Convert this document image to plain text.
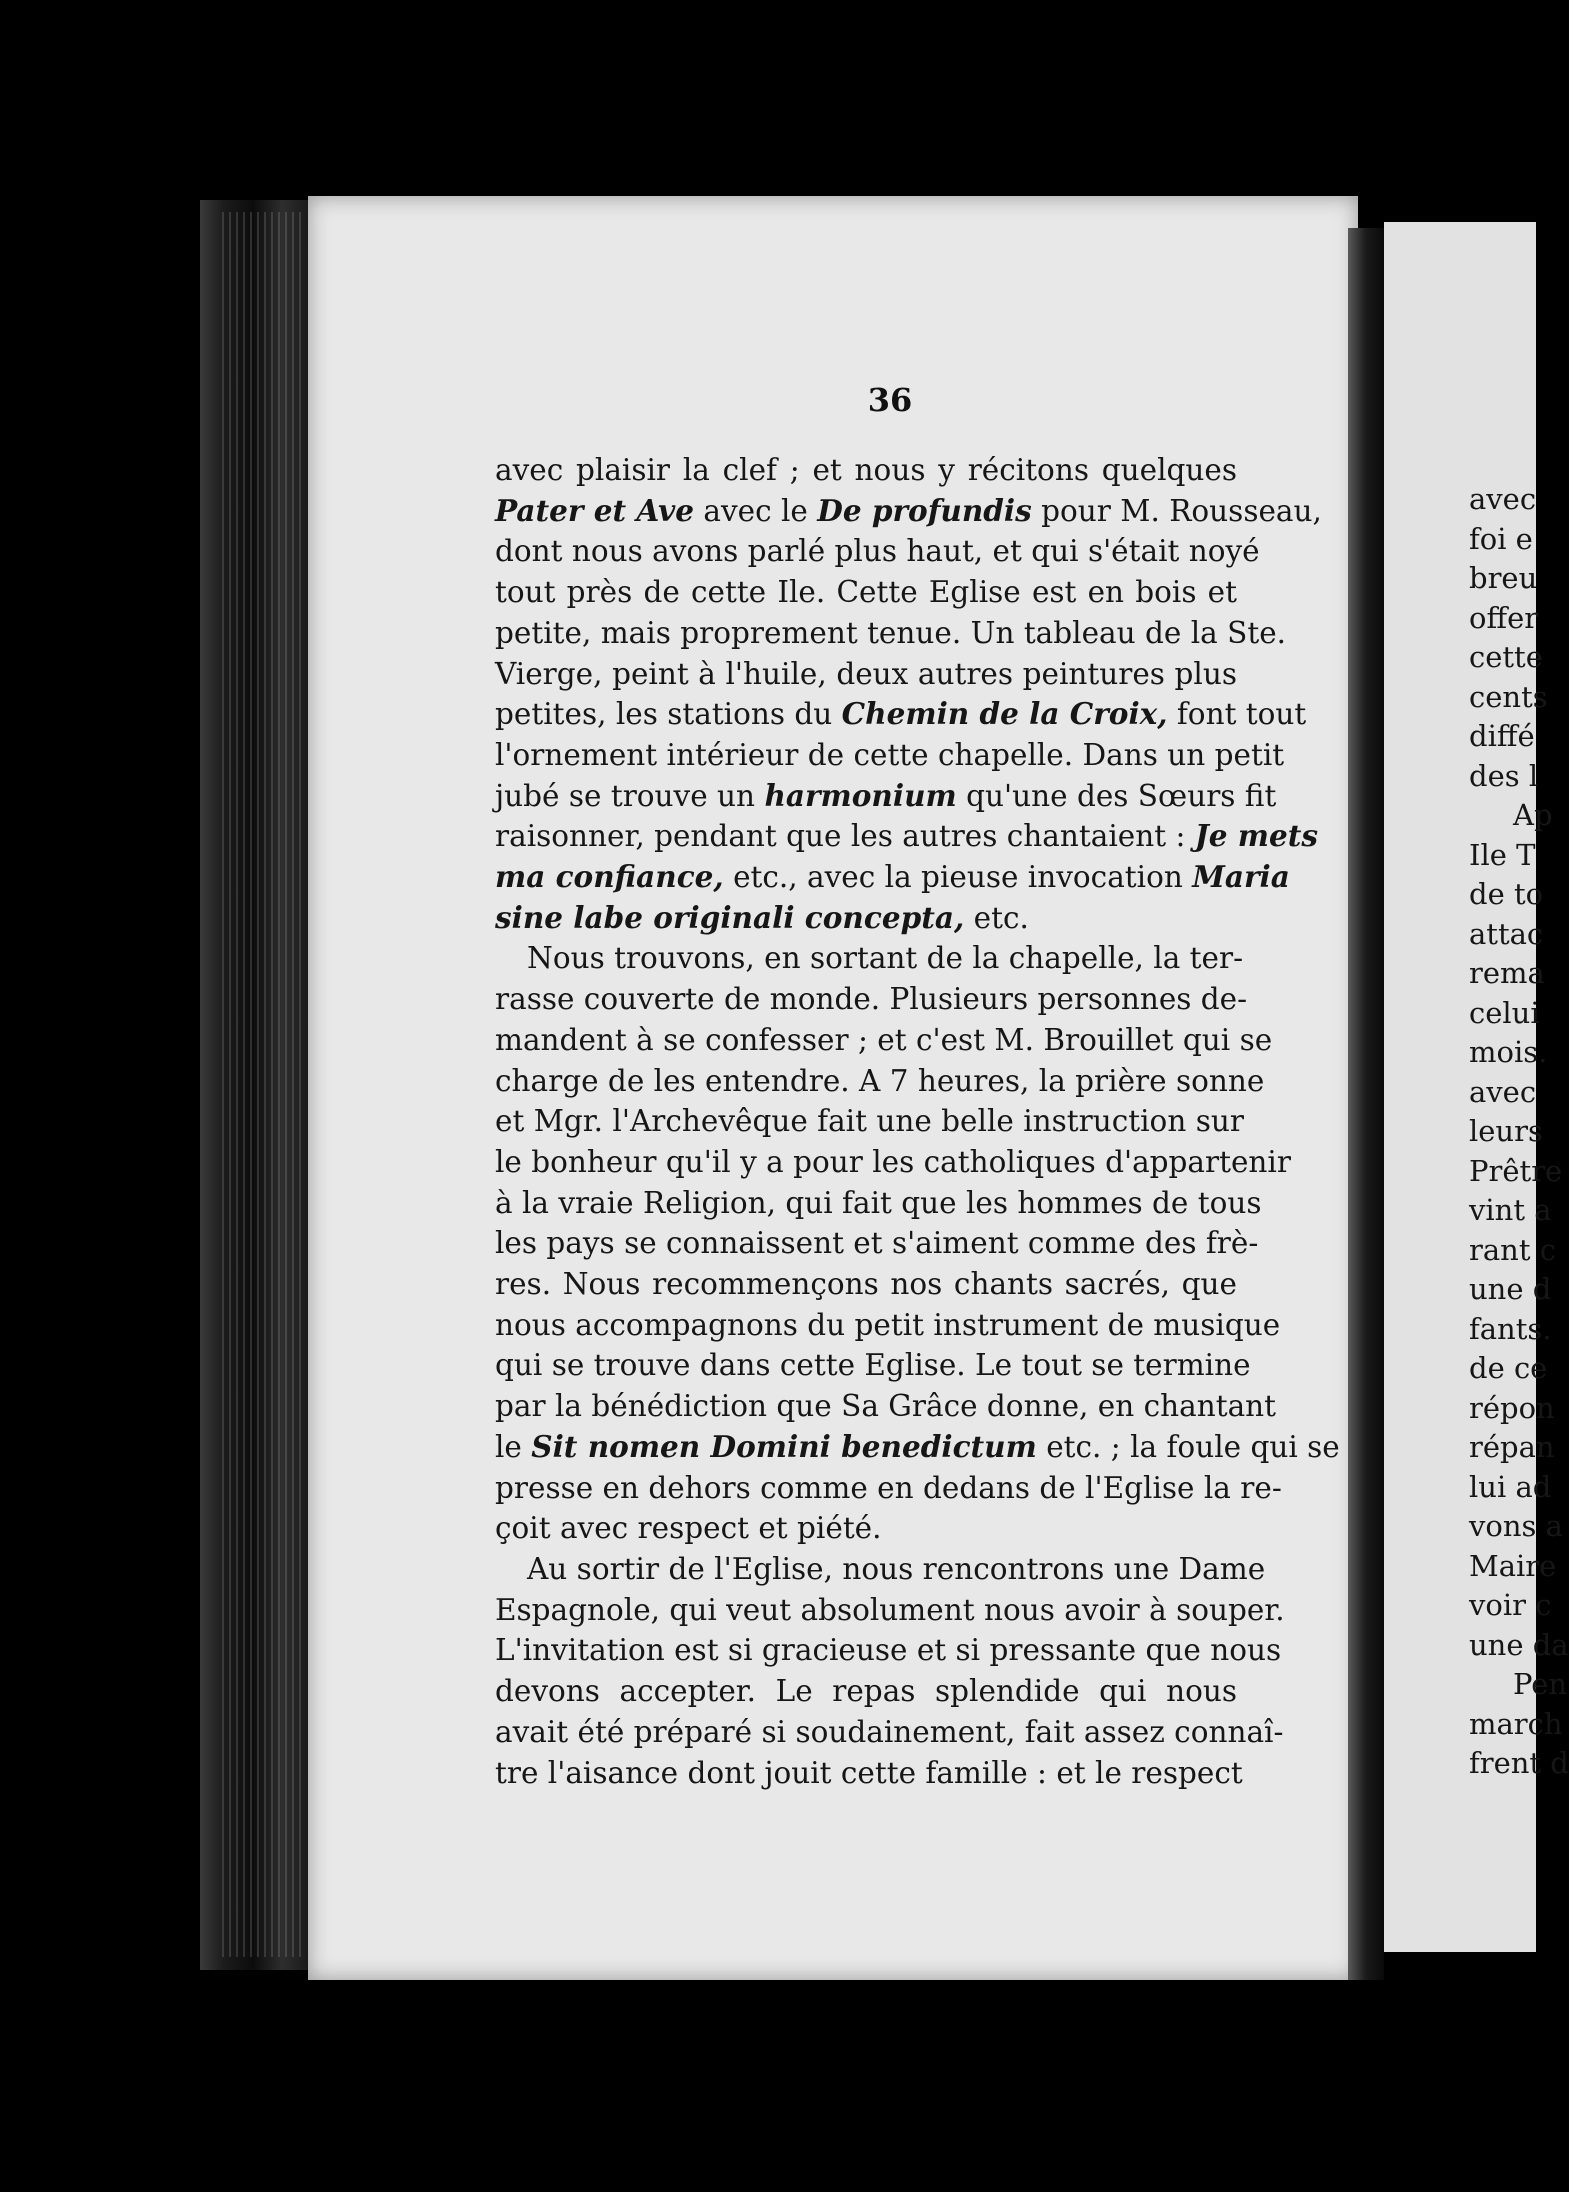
36
avec plaisir la clef ; et nous y récitons quelques
Pater et Ave avec le De profundis pour M. Rousseau,
dont nous avons parlé plus haut, et qui s'était noyé
tout près de cette Ile. Cette Eglise est en bois et
petite, mais proprement tenue. Un tableau de la Ste.
Vierge, peint à l'huile, deux autres peintures plus
petites, les stations du Chemin de la Croix, font tout
l'ornement intérieur de cette chapelle. Dans un petit
jubé se trouve un harmonium qu'une des Sœurs fit
raisonner, pendant que les autres chantaient : Je mets
ma confiance, etc., avec la pieuse invocation Maria
sine labe originali concepta, etc.
Nous trouvons, en sortant de la chapelle, la ter-
rasse couverte de monde. Plusieurs personnes de-
mandent à se confesser ; et c'est M. Brouillet qui se
charge de les entendre. A 7 heures, la prière sonne
et Mgr. l'Archevêque fait une belle instruction sur
le bonheur qu'il y a pour les catholiques d'appartenir
à la vraie Religion, qui fait que les hommes de tous
les pays se connaissent et s'aiment comme des frè-
res. Nous recommençons nos chants sacrés, que
nous accompagnons du petit instrument de musique
qui se trouve dans cette Eglise. Le tout se termine
par la bénédiction que Sa Grâce donne, en chantant
le Sit nomen Domini benedictum etc. ; la foule qui se
presse en dehors comme en dedans de l'Eglise la re-
çoit avec respect et piété.
Au sortir de l'Eglise, nous rencontrons une Dame
Espagnole, qui veut absolument nous avoir à souper.
L'invitation est si gracieuse et si pressante que nous
devons accepter. Le repas splendide qui nous
avait été préparé si soudainement, fait assez connaî-
tre l'aisance dont jouit cette famille : et le respect
avec
foi e
breu
offer
cette
cents
diffé
des l
Ap
Ile T
de to
attac
rema
celui
mois.
avec
leurs
Prêtre
vint a
rant c
une d
fants.
de ce
répon
répan
lui ad
vons a
Maire
voir c
une da
Pen
march
frent d
